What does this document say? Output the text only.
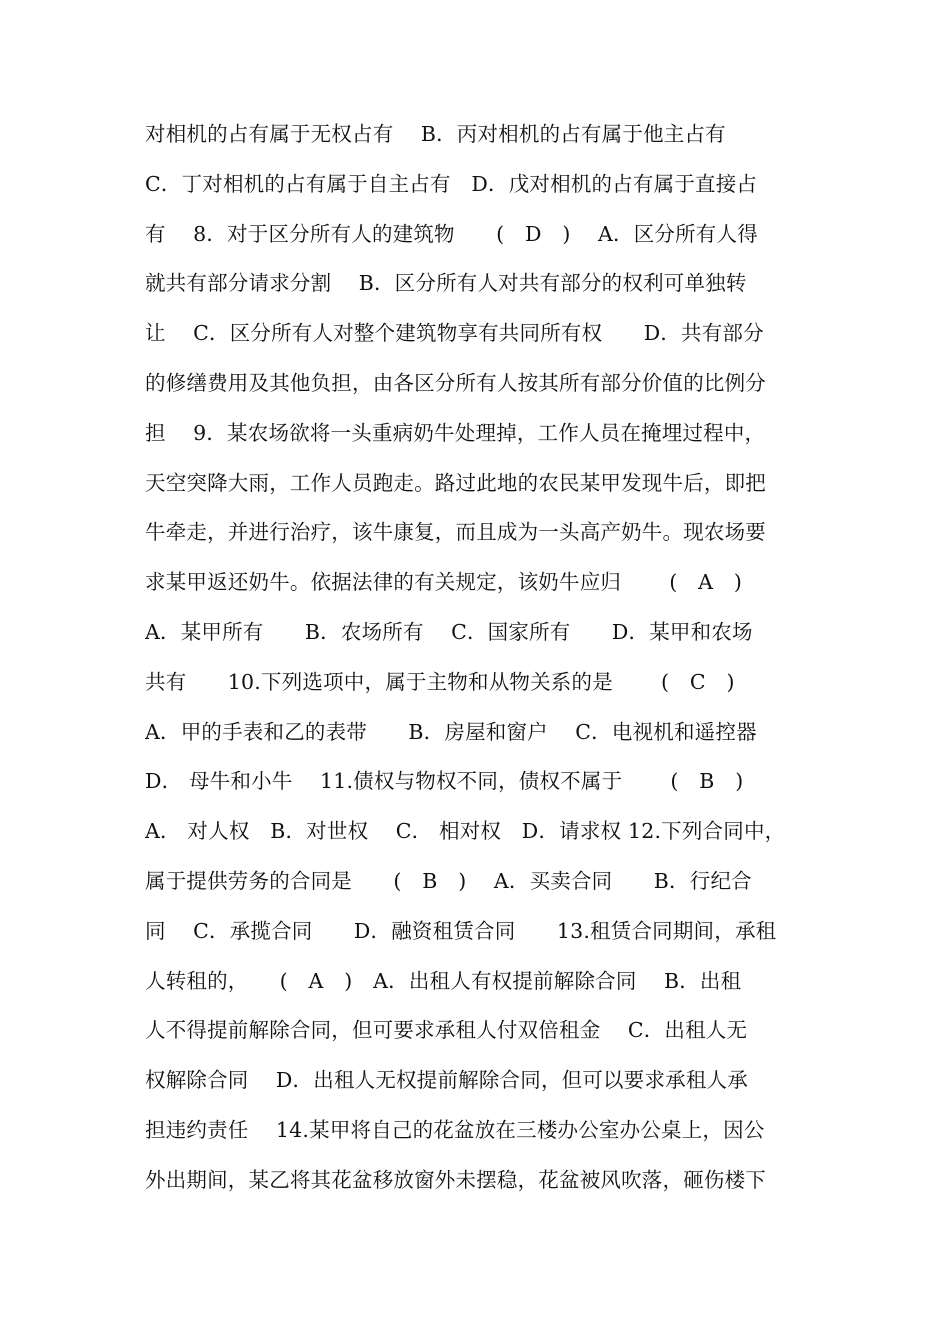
对相机的占有属于无权占有　 B．丙对相机的占有属于他主占有
C．丁对相机的占有属于自主占有　D．戊对相机的占有属于直接占
有　 8．对于区分所有人的建筑物　　(　D　)　 A．区分所有人得
就共有部分请求分割　 B．区分所有人对共有部分的权利可单独转
让　 C．区分所有人对整个建筑物享有共同所有权　　D．共有部分
的修缮费用及其他负担，由各区分所有人按其所有部分价值的比例分
担　 9．某农场欲将一头重病奶牛处理掉，工作人员在掩埋过程中，
天空突降大雨，工作人员跑走。路过此地的农民某甲发现牛后，即把
牛牵走，并进行治疗，该牛康复，而且成为一头高产奶牛。现农场要
求某甲返还奶牛。依据法律的有关规定，该奶牛应归　　 (　A　)
A．某甲所有　　B．农场所有　 C．国家所有　　D．某甲和农场
共有　　10.下列选项中，属于主物和从物关系的是　　 (　C　)
A．甲的手表和乙的表带　　B．房屋和窗户　 C．电视机和遥控器
D． 母牛和小牛　 11.债权与物权不同，债权不属于　　 (　B　)
A． 对人权　B．对世权　 C． 相对权　D．请求权 12.下列合同中，
属于提供劳务的合同是　　(　B　)　 A．买卖合同　　B．行纪合
同　 C．承揽合同　　D．融资租赁合同　　13.租赁合同期间，承租
人转租的，　　(　A　)　A．出租人有权提前解除合同　 B．出租
人不得提前解除合同，但可要求承租人付双倍租金　 C．出租人无
权解除合同　 D．出租人无权提前解除合同，但可以要求承租人承
担违约责任　 14.某甲将自己的花盆放在三楼办公室办公桌上，因公
外出期间，某乙将其花盆移放窗外未摆稳，花盆被风吹落，砸伤楼下
